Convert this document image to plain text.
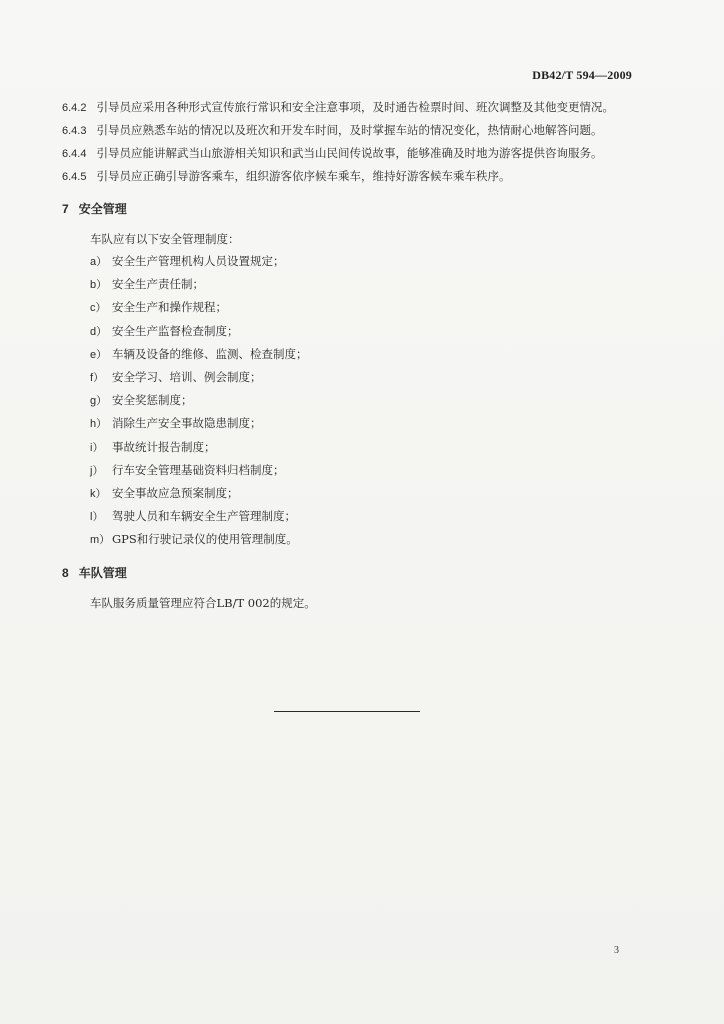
DB42/T 594—2009

6.4.2 引导员应采用各种形式宣传旅行常识和安全注意事项，及时通告检票时间、班次调整及其他变更情况。

6.4.3 引导员应熟悉车站的情况以及班次和开发车时间，及时掌握车站的情况变化，热情耐心地解答问题。

6.4.4 引导员应能讲解武当山旅游相关知识和武当山民间传说故事，能够准确及时地为游客提供咨询服务。

6.4.5 引导员应正确引导游客乘车，组织游客依序候车乘车，维持好游客候车乘车秩序。

7 安全管理

车队应有以下安全管理制度：

a） 安全生产管理机构人员设置规定；
b） 安全生产责任制；
c） 安全生产和操作规程；
d） 安全生产监督检查制度；
e） 车辆及设备的维修、监测、检查制度；
f） 安全学习、培训、例会制度；
g） 安全奖惩制度；
h） 消除生产安全事故隐患制度；
i） 事故统计报告制度；
j） 行车安全管理基础资料归档制度；
k） 安全事故应急预案制度；
l） 驾驶人员和车辆安全生产管理制度；
m） GPS和行驶记录仪的使用管理制度。
8 车队管理

车队服务质量管理应符合LB/T 002的规定。

3
